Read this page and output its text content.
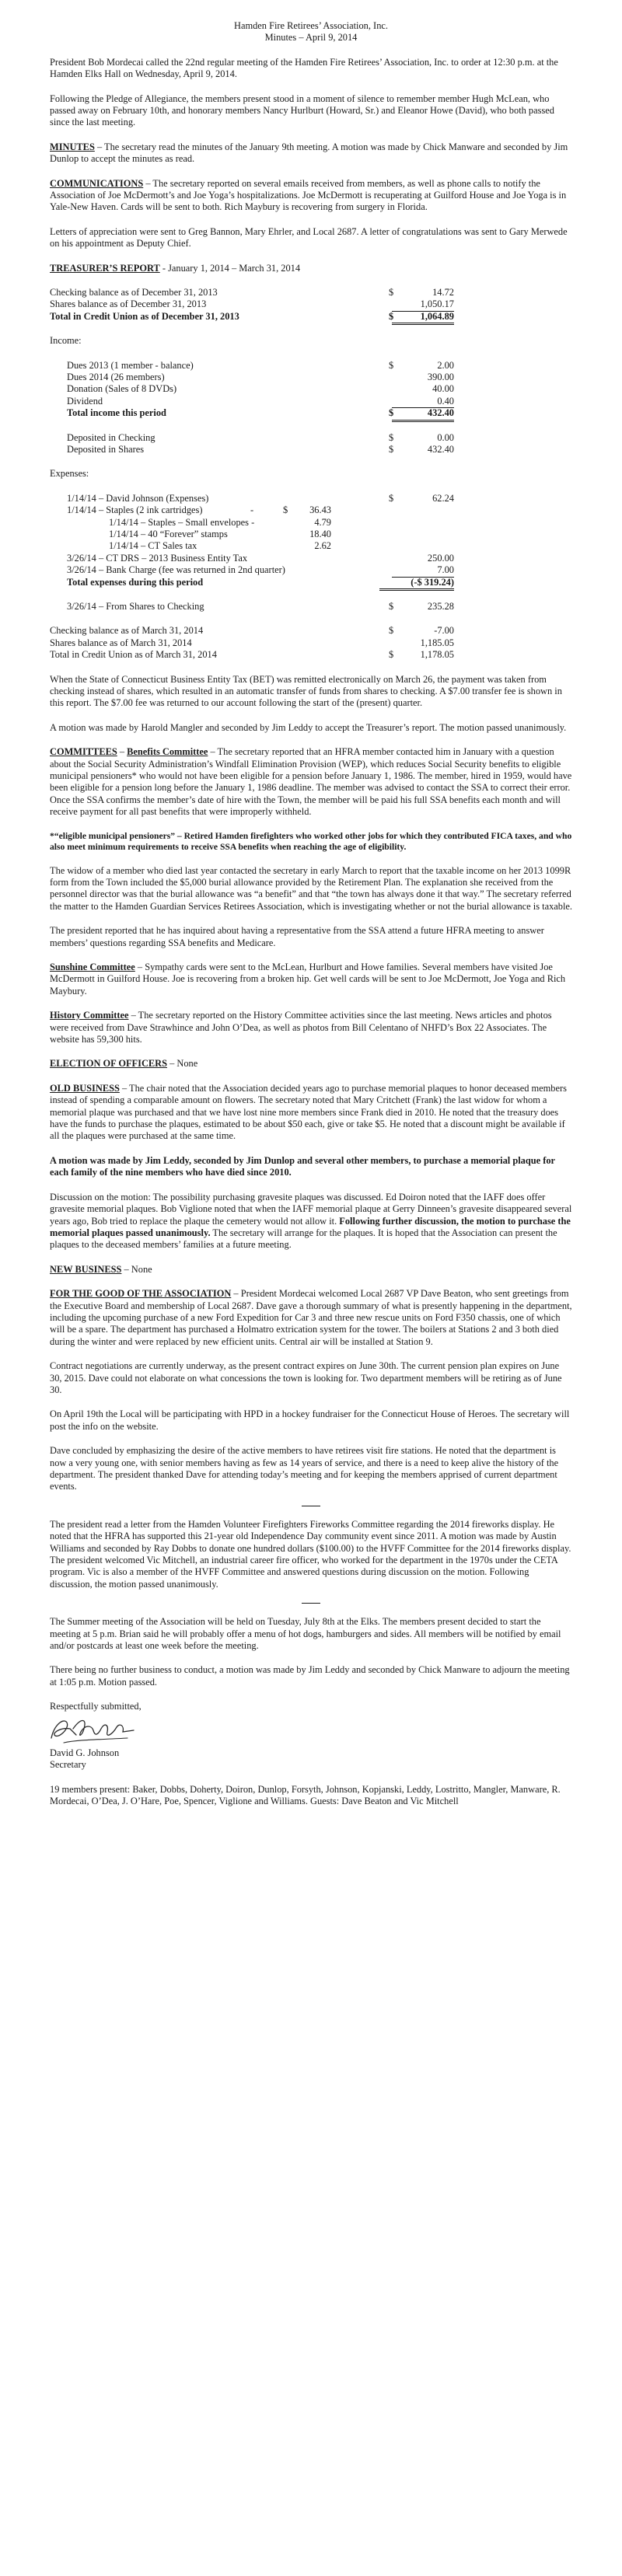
Hamden Fire Retirees’ Association, Inc.
Minutes – April 9, 2014

President Bob Mordecai called the 22nd regular meeting of the Hamden Fire Retirees’ Association, Inc. to order at 12:30 p.m. at the Hamden Elks Hall on Wednesday, April 9, 2014.

Following the Pledge of Allegiance, the members present stood in a moment of silence to remember member Hugh McLean, who passed away on February 10th, and honorary members Nancy Hurlburt (Howard, Sr.) and Eleanor Howe (David), who both passed since the last meeting.

MINUTES – The secretary read the minutes of the January 9th meeting. A motion was made by Chick Manware and seconded by Jim Dunlop to accept the minutes as read.

COMMUNICATIONS – The secretary reported on several emails received from members, as well as phone calls to notify the Association of Joe McDermott’s and Joe Yoga’s hospitalizations. Joe McDermott is recuperating at Guilford House and Joe Yoga is in Yale-New Haven. Cards will be sent to both. Rich Maybury is recovering from surgery in Florida.

Letters of appreciation were sent to Greg Bannon, Mary Ehrler, and Local 2687. A letter of congratulations was sent to Gary Merwede on his appointment as Deputy Chief.

TREASURER’S REPORT - January 1, 2014 – March 31, 2014
Checking balance as of December 31, 2013	$	14.72
Shares balance as of December 31, 2013	1,050.17
Total in Credit Union as of December 31, 2013	$	1,064.89
Income:
Dues 2013 (1 member - balance)	$	2.00
Dues 2014 (26 members)	390.00
Donation (Sales of 8 DVDs)	40.00
Dividend	0.40
Total income this period	$	432.40
Deposited in Checking	$	0.00
Deposited in Shares	$	432.40
Expenses:
1/14/14 – David Johnson (Expenses)	$	62.24
1/14/14 – Staples (2 ink cartridges)	-	$	36.43
1/14/14 – Staples – Small envelopes -	4.79
1/14/14 – 40 “Forever” stamps	18.40
1/14/14 – CT Sales tax	2.62
3/26/14 – CT DRS – 2013 Business Entity Tax	250.00
3/26/14 – Bank Charge (fee was returned in 2nd quarter)	7.00
Total expenses during this period	(-$ 319.24)
3/26/14 – From Shares to Checking	$	235.28
Checking balance as of March 31, 2014	$	-7.00
Shares balance as of March 31, 2014	1,185.05
Total in Credit Union as of March 31, 2014	$	1,178.05

When the State of Connecticut Business Entity Tax (BET) was remitted electronically on March 26, the payment was taken from checking instead of shares, which resulted in an automatic transfer of funds from shares to checking. A $7.00 transfer fee is shown in this report. The $7.00 fee was returned to our account following the start of the (present) quarter.

A motion was made by Harold Mangler and seconded by Jim Leddy to accept the Treasurer’s report. The motion passed unanimously.

COMMITTEES – Benefits Committee – The secretary reported that an HFRA member contacted him in January with a question about the Social Security Administration’s Windfall Elimination Provision (WEP), which reduces Social Security benefits to eligible municipal pensioners* who would not have been eligible for a pension before January 1, 1986. The member, hired in 1959, would have been eligible for a pension long before the January 1, 1986 deadline. The member was advised to contact the SSA to correct their error. Once the SSA confirms the member’s date of hire with the Town, the member will be paid his full SSA benefits each month and will receive payment for all past benefits that were improperly withheld.

*“eligible municipal pensioners” – Retired Hamden firefighters who worked other jobs for which they contributed FICA taxes, and who also meet minimum requirements to receive SSA benefits when reaching the age of eligibility.

The widow of a member who died last year contacted the secretary in early March to report that the taxable income on her 2013 1099R form from the Town included the $5,000 burial allowance provided by the Retirement Plan. The explanation she received from the personnel director was that the burial allowance was “a benefit” and that “the town has always done it that way.” The secretary referred the matter to the Hamden Guardian Services Retirees Association, which is investigating whether or not the burial allowance is taxable.

The president reported that he has inquired about having a representative from the SSA attend a future HFRA meeting to answer members’ questions regarding SSA benefits and Medicare.

Sunshine Committee – Sympathy cards were sent to the McLean, Hurlburt and Howe families. Several members have visited Joe McDermott in Guilford House. Joe is recovering from a broken hip. Get well cards will be sent to Joe McDermott, Joe Yoga and Rich Maybury.

History Committee – The secretary reported on the History Committee activities since the last meeting. News articles and photos were received from Dave Strawhince and John O’Dea, as well as photos from Bill Celentano of NHFD’s Box 22 Associates. The website has 59,300 hits.

ELECTION OF OFFICERS – None

OLD BUSINESS – The chair noted that the Association decided years ago to purchase memorial plaques to honor deceased members instead of spending a comparable amount on flowers. The secretary noted that Mary Critchett (Frank) the last widow for whom a memorial plaque was purchased and that we have lost nine more members since Frank died in 2010. He noted that the treasury does have the funds to purchase the plaques, estimated to be about $50 each, give or take $5. He noted that a discount might be available if all the plaques were purchased at the same time.

A motion was made by Jim Leddy, seconded by Jim Dunlop and several other members, to purchase a memorial plaque for each family of the nine members who have died since 2010.

Discussion on the motion: The possibility purchasing gravesite plaques was discussed. Ed Doiron noted that the IAFF does offer gravesite memorial plaques. Bob Viglione noted that when the IAFF memorial plaque at Gerry Dinneen’s gravesite disappeared several years ago, Bob tried to replace the plaque the cemetery would not allow it. Following further discussion, the motion to purchase the memorial plaques passed unanimously. The secretary will arrange for the plaques. It is hoped that the Association can present the plaques to the deceased members’ families at a future meeting.

NEW BUSINESS – None

FOR THE GOOD OF THE ASSOCIATION – President Mordecai welcomed Local 2687 VP Dave Beaton, who sent greetings from the Executive Board and membership of Local 2687. Dave gave a thorough summary of what is presently happening in the department, including the upcoming purchase of a new Ford Expedition for Car 3 and three new rescue units on Ford F350 chassis, one of which will be a spare. The department has purchased a Holmatro extrication system for the tower. The boilers at Stations 2 and 3 both died during the winter and were replaced by new efficient units. Central air will be installed at Station 9.

Contract negotiations are currently underway, as the present contract expires on June 30th. The current pension plan expires on June 30, 2015. Dave could not elaborate on what concessions the town is looking for. Two department members will be retiring as of June 30.

On April 19th the Local will be participating with HPD in a hockey fundraiser for the Connecticut House of Heroes. The secretary will post the info on the website.

Dave concluded by emphasizing the desire of the active members to have retirees visit fire stations. He noted that the department is now a very young one, with senior members having as few as 14 years of service, and there is a need to keep alive the history of the department. The president thanked Dave for attending today’s meeting and for keeping the members apprised of current department events.

The president read a letter from the Hamden Volunteer Firefighters Fireworks Committee regarding the 2014 fireworks display. He noted that the HFRA has supported this 21-year old Independence Day community event since 2011. A motion was made by Austin Williams and seconded by Ray Dobbs to donate one hundred dollars ($100.00) to the HVFF Committee for the 2014 fireworks display. The president welcomed Vic Mitchell, an industrial career fire officer, who worked for the department in the 1970s under the CETA program. Vic is also a member of the HVFF Committee and answered questions during discussion on the motion. Following discussion, the motion passed unanimously.

The Summer meeting of the Association will be held on Tuesday, July 8th at the Elks. The members present decided to start the meeting at 5 p.m. Brian said he will probably offer a menu of hot dogs, hamburgers and sides. All members will be notified by email and/or postcards at least one week before the meeting.

There being no further business to conduct, a motion was made by Jim Leddy and seconded by Chick Manware to adjourn the meeting at 1:05 p.m. Motion passed.

Respectfully submitted,
David G. Johnson
Secretary

19 members present: Baker, Dobbs, Doherty, Doiron, Dunlop, Forsyth, Johnson, Kopjanski, Leddy, Lostritto, Mangler, Manware, R. Mordecai, O’Dea, J. O’Hare, Poe, Spencer, Viglione and Williams. Guests: Dave Beaton and Vic Mitchell
